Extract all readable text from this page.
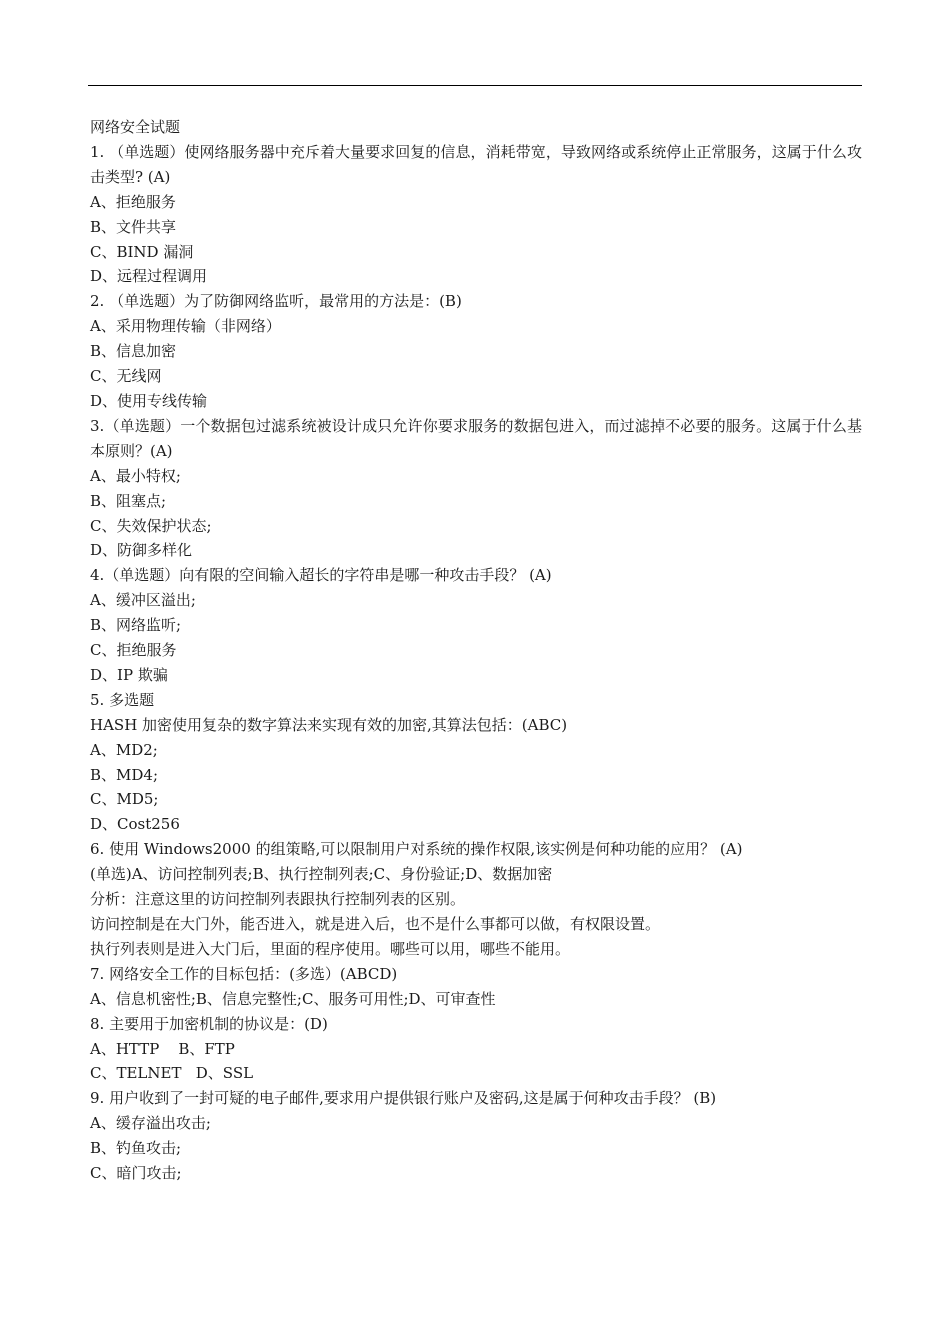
网络安全试题
1. （单选题）使网络服务器中充斥着大量要求回复的信息，消耗带宽，导致网络或系统停止正常服务，这属于什么攻击类型? (A)
A、拒绝服务
B、文件共享
C、BIND 漏洞
D、远程过程调用
2. （单选题）为了防御网络监听，最常用的方法是：(B)
A、采用物理传输（非网络）
B、信息加密
C、无线网
D、使用专线传输
3.（单选题）一个数据包过滤系统被设计成只允许你要求服务的数据包进入，而过滤掉不必要的服务。这属于什么基本原则？(A)
A、最小特权;
B、阻塞点;
C、失效保护状态;
D、防御多样化
4.（单选题）向有限的空间输入超长的字符串是哪一种攻击手段？ (A)
A、缓冲区溢出;
B、网络监听;
C、拒绝服务
D、IP 欺骗
5. 多选题
HASH 加密使用复杂的数字算法来实现有效的加密,其算法包括：(ABC)
A、MD2;
B、MD4;
C、MD5;
D、Cost256
6. 使用 Windows2000 的组策略,可以限制用户对系统的操作权限,该实例是何种功能的应用？ (A)
(单选)A、访问控制列表;B、执行控制列表;C、身份验证;D、数据加密
分析：注意这里的访问控制列表跟执行控制列表的区别。
访问控制是在大门外，能否进入，就是进入后，也不是什么事都可以做，有权限设置。
执行列表则是进入大门后，里面的程序使用。哪些可以用，哪些不能用。
7. 网络安全工作的目标包括：(多选）(ABCD)
A、信息机密性;B、信息完整性;C、服务可用性;D、可审查性
8. 主要用于加密机制的协议是：(D)
A、HTTP    B、FTP
C、TELNET   D、SSL
9. 用户收到了一封可疑的电子邮件,要求用户提供银行账户及密码,这是属于何种攻击手段？ (B)
A、缓存溢出攻击;
B、钓鱼攻击;
C、暗门攻击;
